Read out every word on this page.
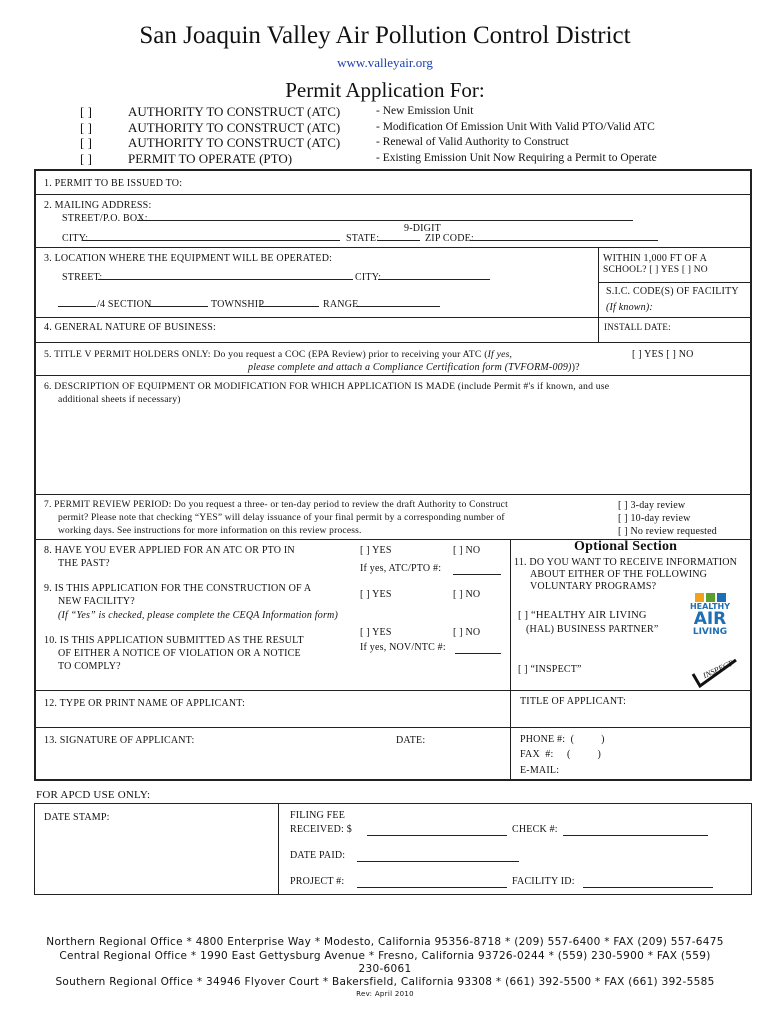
San Joaquin Valley Air Pollution Control District
www.valleyair.org
Permit Application For:
[ ]	AUTHORITY TO CONSTRUCT (ATC)	- New Emission Unit
[ ]	AUTHORITY TO CONSTRUCT (ATC)	- Modification Of Emission Unit With Valid PTO/Valid ATC
[ ]	AUTHORITY TO CONSTRUCT (ATC)	- Renewal of Valid Authority to Construct
[ ]	PERMIT TO OPERATE (PTO)	- Existing Emission Unit Now Requiring a Permit to Operate
1. PERMIT TO BE ISSUED TO:
2. MAILING ADDRESS:
STREET/P.O. BOX:
9-DIGIT
CITY:	STATE:	ZIP CODE:
3. LOCATION WHERE THE EQUIPMENT WILL BE OPERATED:
STREET:	CITY:
/4 SECTION	TOWNSHIP	RANGE
WITHIN 1,000 FT OF A
SCHOOL? [ ] YES [ ] NO
S.I.C. CODE(S) OF FACILITY
(If known):
4. GENERAL NATURE OF BUSINESS:	INSTALL DATE:
5. TITLE V PERMIT HOLDERS ONLY: Do you request a COC (EPA Review) prior to receiving your ATC (If yes,
please complete and attach a Compliance Certification form (TVFORM-009))?
[ ] YES [ ] NO
6. DESCRIPTION OF EQUIPMENT OR MODIFICATION FOR WHICH APPLICATION IS MADE (include Permit #'s if known, and use
additional sheets if necessary)
7. PERMIT REVIEW PERIOD: Do you request a three- or ten-day period to review the draft Authority to Construct
permit? Please note that checking “YES” will delay issuance of your final permit by a corresponding number of
working days. See instructions for more information on this review process.
[ ] 3-day review
[ ] 10-day review
[ ] No review requested
8. HAVE YOU EVER APPLIED FOR AN ATC OR PTO IN
THE PAST?
[ ] YES	[ ] NO
If yes, ATC/PTO #:
9. IS THIS APPLICATION FOR THE CONSTRUCTION OF A
NEW FACILITY?
(If “Yes” is checked, please complete the CEQA Information form)
[ ] YES	[ ] NO
10. IS THIS APPLICATION SUBMITTED AS THE RESULT
OF EITHER A NOTICE OF VIOLATION OR A NOTICE
TO COMPLY?
[ ] YES	[ ] NO
If yes, NOV/NTC #:
Optional Section
11. DO YOU WANT TO RECEIVE INFORMATION
ABOUT EITHER OF THE FOLLOWING
VOLUNTARY PROGRAMS?
[ ] “HEALTHY AIR LIVING
(HAL) BUSINESS PARTNER”
[ ] “INSPECT”
HEALTHY
AIR
LIVING
INSPECT
12. TYPE OR PRINT NAME OF APPLICANT:	TITLE OF APPLICANT:
13. SIGNATURE OF APPLICANT:	DATE:	PHONE #:  (          )
FAX  #:     (          )
E-MAIL:
FOR APCD USE ONLY:
DATE STAMP:	FILING FEE
RECEIVED: $	CHECK #:
DATE PAID:
PROJECT #:	FACILITY ID:
Northern Regional Office * 4800 Enterprise Way * Modesto, California 95356-8718 * (209) 557-6400 * FAX (209) 557-6475
Central Regional Office * 1990 East Gettysburg Avenue * Fresno, California 93726-0244 * (559) 230-5900 * FAX (559)
230-6061
Southern Regional Office * 34946 Flyover Court * Bakersfield, California 93308 * (661) 392-5500 * FAX (661) 392-5585
Rev: April 2010
